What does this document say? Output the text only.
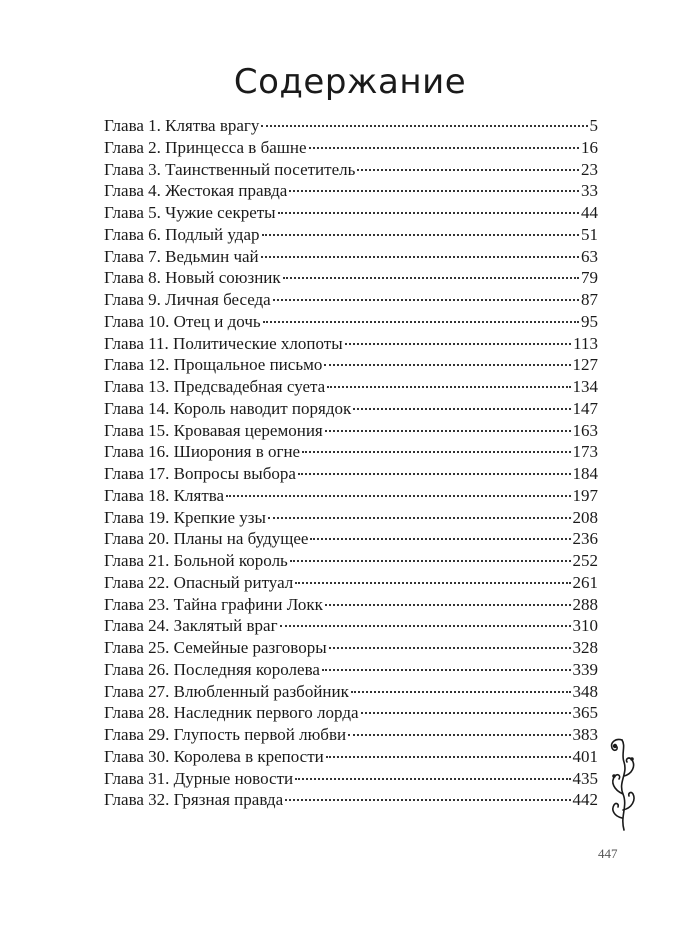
Содержание
Глава 1. Клятва врагу	5
Глава 2. Принцесса в башне	16
Глава 3. Таинственный посетитель	23
Глава 4. Жестокая правда	33
Глава 5. Чужие секреты	44
Глава 6. Подлый удар	51
Глава 7. Ведьмин чай	63
Глава 8. Новый союзник	79
Глава 9. Личная беседа	87
Глава 10. Отец и дочь	95
Глава 11. Политические хлопоты	113
Глава 12. Прощальное письмо	127
Глава 13. Предсвадебная суета	134
Глава 14. Король наводит порядок	147
Глава 15. Кровавая церемония	163
Глава 16. Шиорония в огне	173
Глава 17. Вопросы выбора	184
Глава 18. Клятва	197
Глава 19. Крепкие узы	208
Глава 20. Планы на будущее	236
Глава 21. Больной король	252
Глава 22. Опасный ритуал	261
Глава 23. Тайна графини Локк	288
Глава 24. Заклятый враг	310
Глава 25. Семейные разговоры	328
Глава 26. Последняя королева	339
Глава 27. Влюбленный разбойник	348
Глава 28. Наследник первого лорда	365
Глава 29. Глупость первой любви	383
Глава 30. Королева в крепости	401
Глава 31. Дурные новости	435
Глава 32. Грязная правда	442
447
